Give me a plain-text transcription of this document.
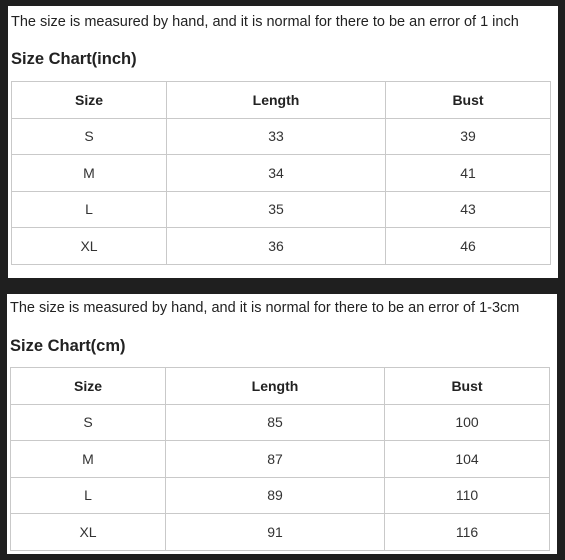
The size is measured by hand, and it is normal for there to be an error of 1 inch
Size Chart(inch)
Size	Length	Bust
S	33	39
M	34	41
L	35	43
XL	36	46
The size is measured by hand, and it is normal for there to be an error of 1-3cm
Size Chart(cm)
Size	Length	Bust
S	85	100
M	87	104
L	89	110
XL	91	116
